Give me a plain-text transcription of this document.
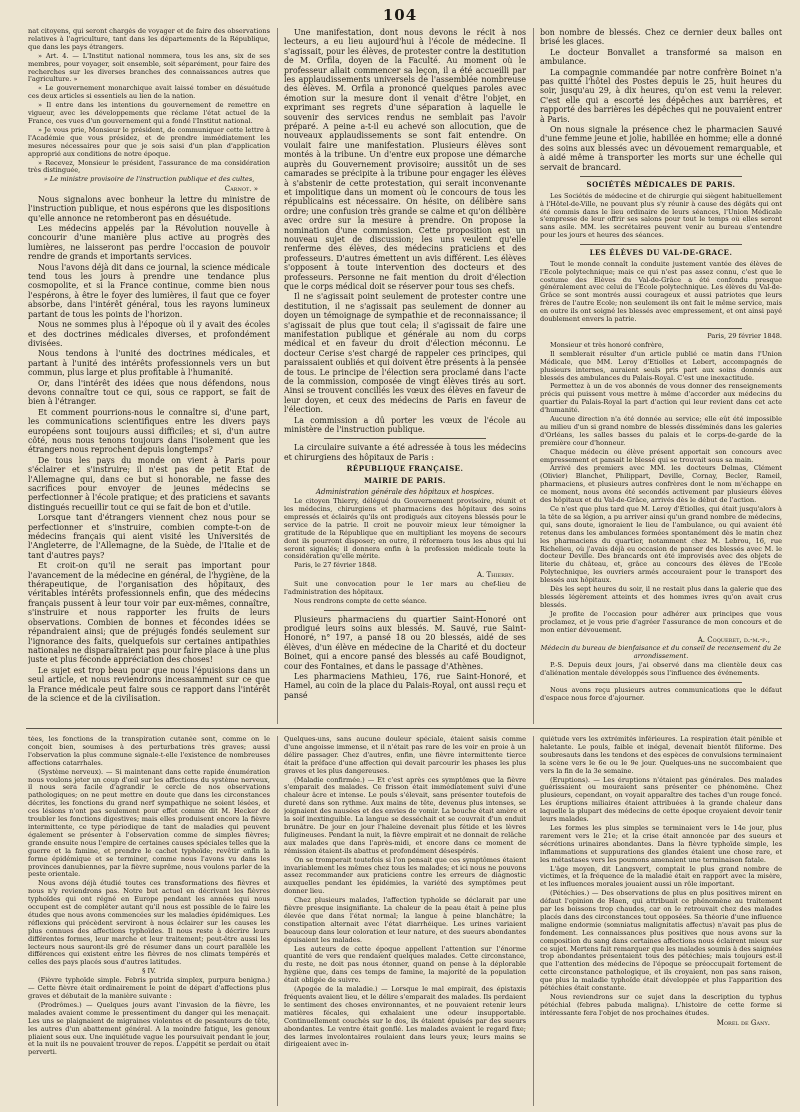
104

nat citoyens, qui seront chargés de voyager et de faire des observations relatives à l'agriculture, tant dans les départements de la République, que dans les pays étrangers.

» Art. 4. — L'Institut national nommera, tous les ans, six de ses membres, pour voyager, soit ensemble, soit séparément, pour faire des recherches sur les diverses branches des connaissances autres que l'agriculture. »

« Le gouvernement monarchique avait laissé tomber en désuétude ces deux articles si essentiels au lien de la nation.

» Il entre dans les intentions du gouvernement de remettre en vigueur, avec les développements que réclame l'état actuel de la France, ces vues d'un gouvernement qui a fondé l'Institut national.

» Je vous prie, Monsieur le président, de communiquer cette lettre à l'Académie que vous présidez, et de prendre immédiatement les mesures nécessaires pour que je sois saisi d'un plan d'application approprié aux conditions de notre époque.

» Recevez, Monsieur le président, l'assurance de ma considération très distinguée,

» Le ministre provisoire de l'instruction publique et des cultes,

Carnot. »

Nous signalons avec bonheur la lettre du ministre de l'instruction publique, et nous espérons que les dispositions qu'elle annonce ne retomberont pas en désuétude.

Les médecins appelés par la Révolution nouvelle à concourir d'une manière plus active au progrès des lumières, ne laisseront pas perdre l'occasion de pouvoir rendre de grands et importants services.

Nous l'avons déjà dit dans ce journal, la science médicale tend tous les jours à prendre une tendance plus cosmopolite, et si la France continue, comme bien nous l'espérons, à être le foyer des lumières, il faut que ce foyer absorbe, dans l'intérêt général, tous les rayons lumineux partant de tous les points de l'horizon.

Nous ne sommes plus à l'époque où il y avait des écoles et des doctrines médicales diverses, et profondément divisées.

Nous tendons à l'unité des doctrines médicales, et partant à l'unité des intérêts professionnels vers un but commun, plus large et plus profitable à l'humanité.

Or, dans l'intérêt des idées que nous défendons, nous devons connaître tout ce qui, sous ce rapport, se fait de bien à l'étranger.

Et comment pourrions-nous le connaître si, d'une part, les communications scientifiques entre les divers pays européens sont toujours aussi difficiles; et si, d'un autre côté, nous nous tenons toujours dans l'isolement que les étrangers nous reprochent depuis longtemps?

De tous les pays du monde on vient à Paris pour s'éclairer et s'instruire; il n'est pas de petit Etat de l'Allemagne qui, dans ce but si honorable, ne fasse des sacrifices pour envoyer de jeunes médecins se perfectionner à l'école pratique; et des praticiens et savants distingués recueillir tout ce qui se fait de bon et d'utile.

Lorsque tant d'étrangers viennent chez nous pour se perfectionner et s'instruire, combien compte-t-on de médecins français qui aient visité les Universités de l'Angleterre, de l'Allemagne, de la Suède, de l'Italie et de tant d'autres pays?

Et croit-on qu'il ne serait pas important pour l'avancement de la médecine en général, de l'hygiène, de la thérapeutique, de l'organisation des hôpitaux, des véritables intérêts professionnels enfin, que des médecins français pussent à leur tour voir par eux-mêmes, connaître, s'instruire et nous rapporter les fruits de leurs observations. Combien de bonnes et fécondes idées se répandraient ainsi; que de préjugés fondés seulement sur l'ignorance des faits, quelquefois sur certaines antipathies nationales ne disparaîtraient pas pour faire place à une plus juste et plus féconde appréciation des choses!

Le sujet est trop beau pour que nous l'épuisions dans un seul article, et nous reviendrons incessamment sur ce que la France médicale peut faire sous ce rapport dans l'intérêt de la science et de la civilisation.

Une manifestation, dont nous devons le récit à nos lecteurs, a eu lieu aujourd'hui à l'école de médecine. Il s'agissait, pour les élèves, de protester contre la destitution de M. Orfila, doyen de la Faculté. Au moment où le professeur allait commencer sa leçon, il a été accueilli par les applaudissements universels de l'assemblée nombreuse des élèves. M. Orfila a prononcé quelques paroles avec émotion sur la mesure dont il venait d'être l'objet, en exprimant ses regrets d'une séparation à laquelle le souvenir des services rendus ne semblait pas l'avoir préparé. A peine a-t-il eu achevé son allocution, que de nouveaux applaudissements se sont fait entendre. On voulait faire une manifestation. Plusieurs élèves sont montés à la tribune. Un d'entre eux propose une démarche auprès du Gouvernement provisoire; aussitôt un de ses camarades se précipite à la tribune pour engager les élèves à s'abstenir de cette protestation, qui serait inconvenante et impolitique dans un moment où le concours de tous les républicains est nécessaire. On hésite, on délibère sans ordre; une confusion très grande se calme et qu'on délibère avec ordre sur la mesure à prendre. On propose la nomination d'une commission. Cette proposition est un nouveau sujet de discussion; les uns veulent qu'elle renferme des élèves, des médecins praticiens et des professeurs. D'autres émettent un avis différent. Les élèves s'opposent à toute intervention des docteurs et des professeurs. Personne ne fait mention du droit d'élection que le corps médical doit se réserver pour tous ses chefs.

Il ne s'agissait point seulement de protester contre une destitution, il ne s'agissait pas seulement de donner au doyen un témoignage de sympathie et de reconnaissance; il s'agissait de plus que tout cela; il s'agissait de faire une manifestation publique et générale au nom du corps médical et en faveur du droit d'élection méconnu. Le docteur Cerise s'est chargé de rappeler ces principes, qui paraissaient oubliés et qui doivent être présents à la pensée de tous. Le principe de l'élection sera proclamé dans l'acte de la commission, composée de vingt élèves tirés au sort. Ainsi se trouvent conciliés les vœux des élèves en faveur de leur doyen, et ceux des médecins de Paris en faveur de l'élection.

La commission a dû porter les vœux de l'école au ministère de l'instruction publique.

La circulaire suivante a été adressée à tous les médecins et chirurgiens des hôpitaux de Paris :

RÉPUBLIQUE FRANÇAISE.

MAIRIE DE PARIS.

Administration générale des hôpitaux et hospices.

Le citoyen Thierry, délégué du Gouvernement provisoire, réunit et les médecins, chirurgiens et pharmaciens des hôpitaux des soins empressés et éclairés qu'ils ont prodigués aux citoyens blessés pour le service de la patrie. Il croit ne pouvoir mieux leur témoigner la gratitude de la République que en multipliant les moyens de secours dont ils pourront disposer; en outre, il réformera tous les abus qui lui seront signalés; il donnera enfin à la profession médicale toute la considération qu'elle mérite.

Paris, le 27 février 1848.

A. Thierry.

Suit une convocation pour le 1er mars au chef-lieu de l'administration des hôpitaux.

Nous rendrons compte de cette séance.

Plusieurs pharmaciens du quartier Saint-Honoré ont prodigué leurs soins aux blessés. M. Sauvé, rue Saint-Honoré, n° 197, a pansé 18 ou 20 blessés, aidé de ses élèves, d'un élève en médecine de la Charité et du docteur Boinet, qui a encore pansé des blessés au café Boudignot, cour des Fontaines, et dans le passage d'Athènes.

Les pharmaciens Mathieu, 176, rue Saint-Honoré, et Hamel, au coin de la place du Palais-Royal, ont aussi reçu et pansé

bon nombre de blessés. Chez ce dernier deux balles ont brisé les glaces.

Le docteur Bonvallet a transformé sa maison en ambulance.

La compagnie commandée par notre confrère Boinet n'a pas quitté l'hôtel des Postes depuis le 25, huit heures du soir, jusqu'au 29, à dix heures, qu'on est venu la relever. C'est elle qui a escorté les dépêches aux barrières, et rapporté des barrières les dépêches qui ne pouvaient entrer à Paris.

On nous signale la présence chez le pharmacien Sauvé d'une femme jeune et jolie, habillée en homme; elle a donné des soins aux blessés avec un dévouement remarquable, et à aidé même à transporter les morts sur une échelle qui servait de brancard.

SOCIÉTÉS MÉDICALES DE PARIS.

Les Sociétés de médecine et de chirurgie qui siègent habituellement à l'Hôtel-de-Ville, ne pouvant plus s'y réunir à cause des dégâts qui ont été commis dans le lieu ordinaire de leurs séances, l'Union Médicale s'empresse de leur offrir ses salons pour tout le temps où elles seront sans asile. MM. les secrétaires peuvent venir au bureau s'entendre pour les jours et heures des séances.

LES ÉLÈVES DU VAL-DE-GRACE.

Tout le monde connaît la conduite justement vantée des élèves de l'Ecole polytechnique; mais ce qui n'est pas assez connu, c'est que le costume des Elèves du Val-de-Grâce a été confondu presque généralement avec celui de l'Ecole polytechnique. Les élèves du Val-de-Grâce se sont montrés aussi courageux et aussi patriotes que leurs frères de l'autre Ecole; non seulement ils ont fait le même service, mais en outre ils ont soigné les blessés avec empressement, et ont ainsi payé doublement envers la patrie.

Paris, 29 février 1848.

Monsieur et très honoré confrère,

Il semblerait résulter d'un article publié ce matin dans l'Union Médicale, que MM. Leroy d'Etiolles et Lebert, accompagnés de plusieurs internes, auraient seuls pris part aux soins donnés aux blessés des ambulances du Palais-Royal. C'est une inexactitude.

Permettez à un de vos abonnés de vous donner des renseignements précis qui puissent vous mettre à même d'accorder aux médecins du quartier du Palais-Royal la part d'action qui leur revient dans cet acte d'humanité.

Aucune direction n'a été donnée au service; elle eût été impossible au milieu d'un si grand nombre de blessés disséminés dans les galeries d'Orléans, les salles basses du palais et le corps-de-garde de la première cour d'honneur.

Chaque médecin ou élève présent apportait son concours avec empressement et pansait le blessé qui se trouvait sous sa main.

Arrivé des premiers avec MM. les docteurs Delmas, Clément (Olivier) Blanchet, Philippart, Deville, Cornay, Becler, Rameil, pharmaciens, et plusieurs autres confrères dont le nom m'échappe en ce moment, nous avons été secondés activement par plusieurs élèves des hôpitaux et du Val-de-Grâce, arrivés dès le début de l'action.

Ce n'est que plus tard que M. Leroy d'Etiolles, qui était jusqu'alors à la tête de sa légion, a pu arriver ainsi qu'un grand nombre de médecins, qui, sans doute, ignoraient le lieu de l'ambulance, ou qui avaient été retenus dans les ambulances formées spontanément dès le matin chez les pharmaciens du quartier, notamment chez M. Lebrou, 16, rue Richelieu, où j'avais déjà eu occasion de panser des blessés avec M. le docteur Deville. Des brancards ont été improvisés avec des objets de literie du château, et, grâce au concours des élèves de l'Ecole Polytechnique, les ouvriers armés accouraient pour le transport des blessés aux hôpitaux.

Dès les sept heures du soir, il ne restait plus dans la galerie que des blessés légèrement atteints et des hommes ivres qu'on avait crus blessés.

Je profite de l'occasion pour adhérer aux principes que vous proclamez, et je vous prie d'agréer l'assurance de mon concours et de mon entier dévouement.

A. Coqueret, d.-m.-p.,

Médecin du bureau de bienfaisance et du conseil de recensement du 2e arrondissement.

P.-S. Depuis deux jours, j'ai observé dans ma clientèle deux cas d'aliénation mentale développés sous l'influence des événements.

Nous avons reçu plusieurs autres communications que le défaut d'espace nous force d'ajourner.

tées, les fonctions de la transpiration cutanée sont, comme on le conçoit bien, soumises à des perturbations très graves; aussi l'observation la plus commune signale-t-elle l'existence de nombreuses affections catarrhales.

(Système nerveux). — Si maintenant dans cette rapide énumération nous voulons jeter un coup d'œil sur les affections du système nerveux, il nous sera facile d'agrandir le cercle de nos observations pathologiques; on ne peut mettre en doute que dans les circonstances décrites, les fonctions du grand nerf sympathique ne soient lésées, et ces lésions n'ont pas seulement pour effet comme dit M. Hecker de troubler les fonctions digestives; mais elles produisent encore la fièvre intermittente, ce type périodique de tant de maladies qui peuvent également se présenter à l'observation comme de simples fièvres; grande ensuite nous l'empire de certaines causes spéciales telles que la guerre et la famine, et prendre le cachet typhoïde; revêtir enfin la forme épidémique et se terminer, comme nous l'avons vu dans les provinces danubiennes, par la fièvre suprême, nous voulons parler de la peste orientale.

Nous avons déjà étudié toutes ces transformations des fièvres et nous n'y reviendrons pas. Notre but actuel en décrivant les fièvres typhoïdes qui ont régné en Europe pendant les années qui nous occupent est de compléter autant qu'il nous est possible de le faire les études que nous avons commencées sur les maladies épidémiques. Les réflexions qui précèdent serviront à nous éclairer sur les causes les plus connues des affections typhoïdes. Il nous reste à décrire leurs différentes formes, leur marche et leur traitement; peut-être aussi les lecteurs nous sauront-ils gré de résumer dans un court parallèle les différences qui existent entre les fièvres de nos climats tempérés et celles des pays placés sous d'autres latitudes.

§ IV.

(Fièvre typhoïde simple. Febris putrida simplex, purpura benigna.) — Cette fièvre était ordinairement le point de départ d'affections plus graves et débutait de la manière suivante :

(Prodrômes.) — Quelques jours avant l'invasion de la fièvre, les malades avaient comme le pressentiment du danger qui les menaçait. Les uns se plaignaient de migraines violentes et de pesanteurs de tête, les autres d'un abattement général. A la moindre fatigue, les genoux pliaient sous eux. Une inquiétude vague les poursuivait pendant le jour, et la nuit ils ne pouvaient trouver de repos. L'appétit se perdait ou était perverti.

Quelques-uns, sans aucune douleur spéciale, étaient saisis comme d'une angoisse immense, et il n'était pas rare de les voir en proie à un délire passager. Chez d'autres, enfin, une fièvre intermittente tierce était la préface d'une affection qui devait parcourir les phases les plus graves et les plus dangereuses.

(Maladie confirmée.) — Et c'est après ces symptômes que la fièvre s'emparait des malades. Ce frisson était immédiatement suivi d'une chaleur âcre et intense. Le pouls s'élevait, sans présenter toutefois de dureté dans son rythme. Aux mains de tête, devenus plus intenses, se joignaient des nausées et des envies de vomir. La bouche était amère et la soif inextinguible. La langue se desséchait et se couvrait d'un enduit brunâtre. De jour en jour l'haleine devenait plus fétide et les lèvres fuligineuses. Pendant la nuit, la fièvre empirait et ne donnait de relâche aux malades que dans l'après-midi, et encore dans ce moment de rémission étaient-ils abattus et profondément désespérés.

On se tromperait toutefois si l'on pensait que ces symptômes étaient invariablement les mêmes chez tous les malades; et ici nous ne pouvons assez recommander aux praticiens contre les erreurs de diagnostic auxquelles pendant les épidémies, la variété des symptômes peut donner lieu.

Chez plusieurs malades, l'affection typhoïde se déclarait par une fièvre presque insignifiante. La chaleur de la peau était à peine plus élevée que dans l'état normal; la langue à peine blanchâtre; la constipation alternait avec l'état diarrhéique. Les urines variaient beaucoup dans leur coloration et leur nature, et des sueurs abondantes épuisaient les malades.

Les auteurs de cette époque appellent l'attention sur l'énorme quantité de vers que rendaient quelques malades. Cette circonstance, du reste, ne doit pas nous étonner, quand on pense à la déplorable hygiène que, dans ces temps de famine, la majorité de la population était obligée de suivre.

(Apogée de la maladie.) — Lorsque le mal empirait, des épistaxis fréquents avaient lieu, et le délire s'emparait des malades. Ils perdaient le sentiment des choses environnantes, et ne pouvaient retenir leurs matières fécales, qui exhalaient une odeur insupportable. Continuellement couchés sur le dos, ils étaient épuisés par des sueurs abondantes. Le ventre était gonflé. Les malades avaient le regard fixe; des larmes involontaires roulaient dans leurs yeux; leurs mains se dirigeaient avec in-

quiétude vers les extrémités inférieures. La respiration était pénible et haletante. Le pouls, faible et inégal, devenait bientôt filiforme. Des soubresauts dans les tendons et des espèces de convulsions terminaient la scène vers le 6e ou le 9e jour. Quelques-uns ne succombaient que vers la fin de la 3e semaine.

(Eruptions). — Les éruptions n'étaient pas générales. Des malades guérissaient ou mouraient sans présenter ce phénomène. Chez plusieurs, cependant, on voyait apparaître des taches d'un rouge foncé. Les éruptions miliaires étaient attribuées à la grande chaleur dans laquelle la plupart des médecins de cette époque croyaient devoir tenir leurs malades.

Les formes les plus simples se terminaient vers le 14e jour, plus rarement vers le 21e; et la crise était annoncée par des sueurs et sécrétions urinaires abondantes. Dans la fièvre typhoïde simple, les inflammations et suppurations des glandes étaient une chose rare, et les métastases vers les poumons amenaient une terminaison fatale.

L'âge moyen, dit Langsvert, comptait le plus grand nombre de victimes, et la fréquence de la maladie était en rapport avec la misère, et les influences morales jouaient aussi un rôle important.

(Pétéchies.) — Des observations de plus en plus positives mirent en défaut l'opinion de Haen, qui attribuait ce phénomène au traitement par les boissons trop chaudes, car on le retrouvait chez des malades placés dans des circonstances tout opposées. Sa théorie d'une influence maligne endormie (somniatus malignitatis affectus) n'avait pas plus de fondement. Les connaissances plus positives que nous avons sur la composition du sang dans certaines affections nous éclairent mieux sur ce sujet. Mertens fait remarquer que les malades soumis à des saignées trop abondantes présentaient tous des pétéchies; mais toujours est-il que l'attention des médecins de l'époque se préoccupait fortement de cette circonstance pathologique, et ils croyaient, non pas sans raison, que plus la maladie typhoïde était développée et plus l'apparition des pétéchies était constante.

Nous reviendrons sur ce sujet dans la description du typhus pétéchial (febres pabuda maligna). L'histoire de cette forme si intéressante fera l'objet de nos prochaines études.

Morel de Gany.
